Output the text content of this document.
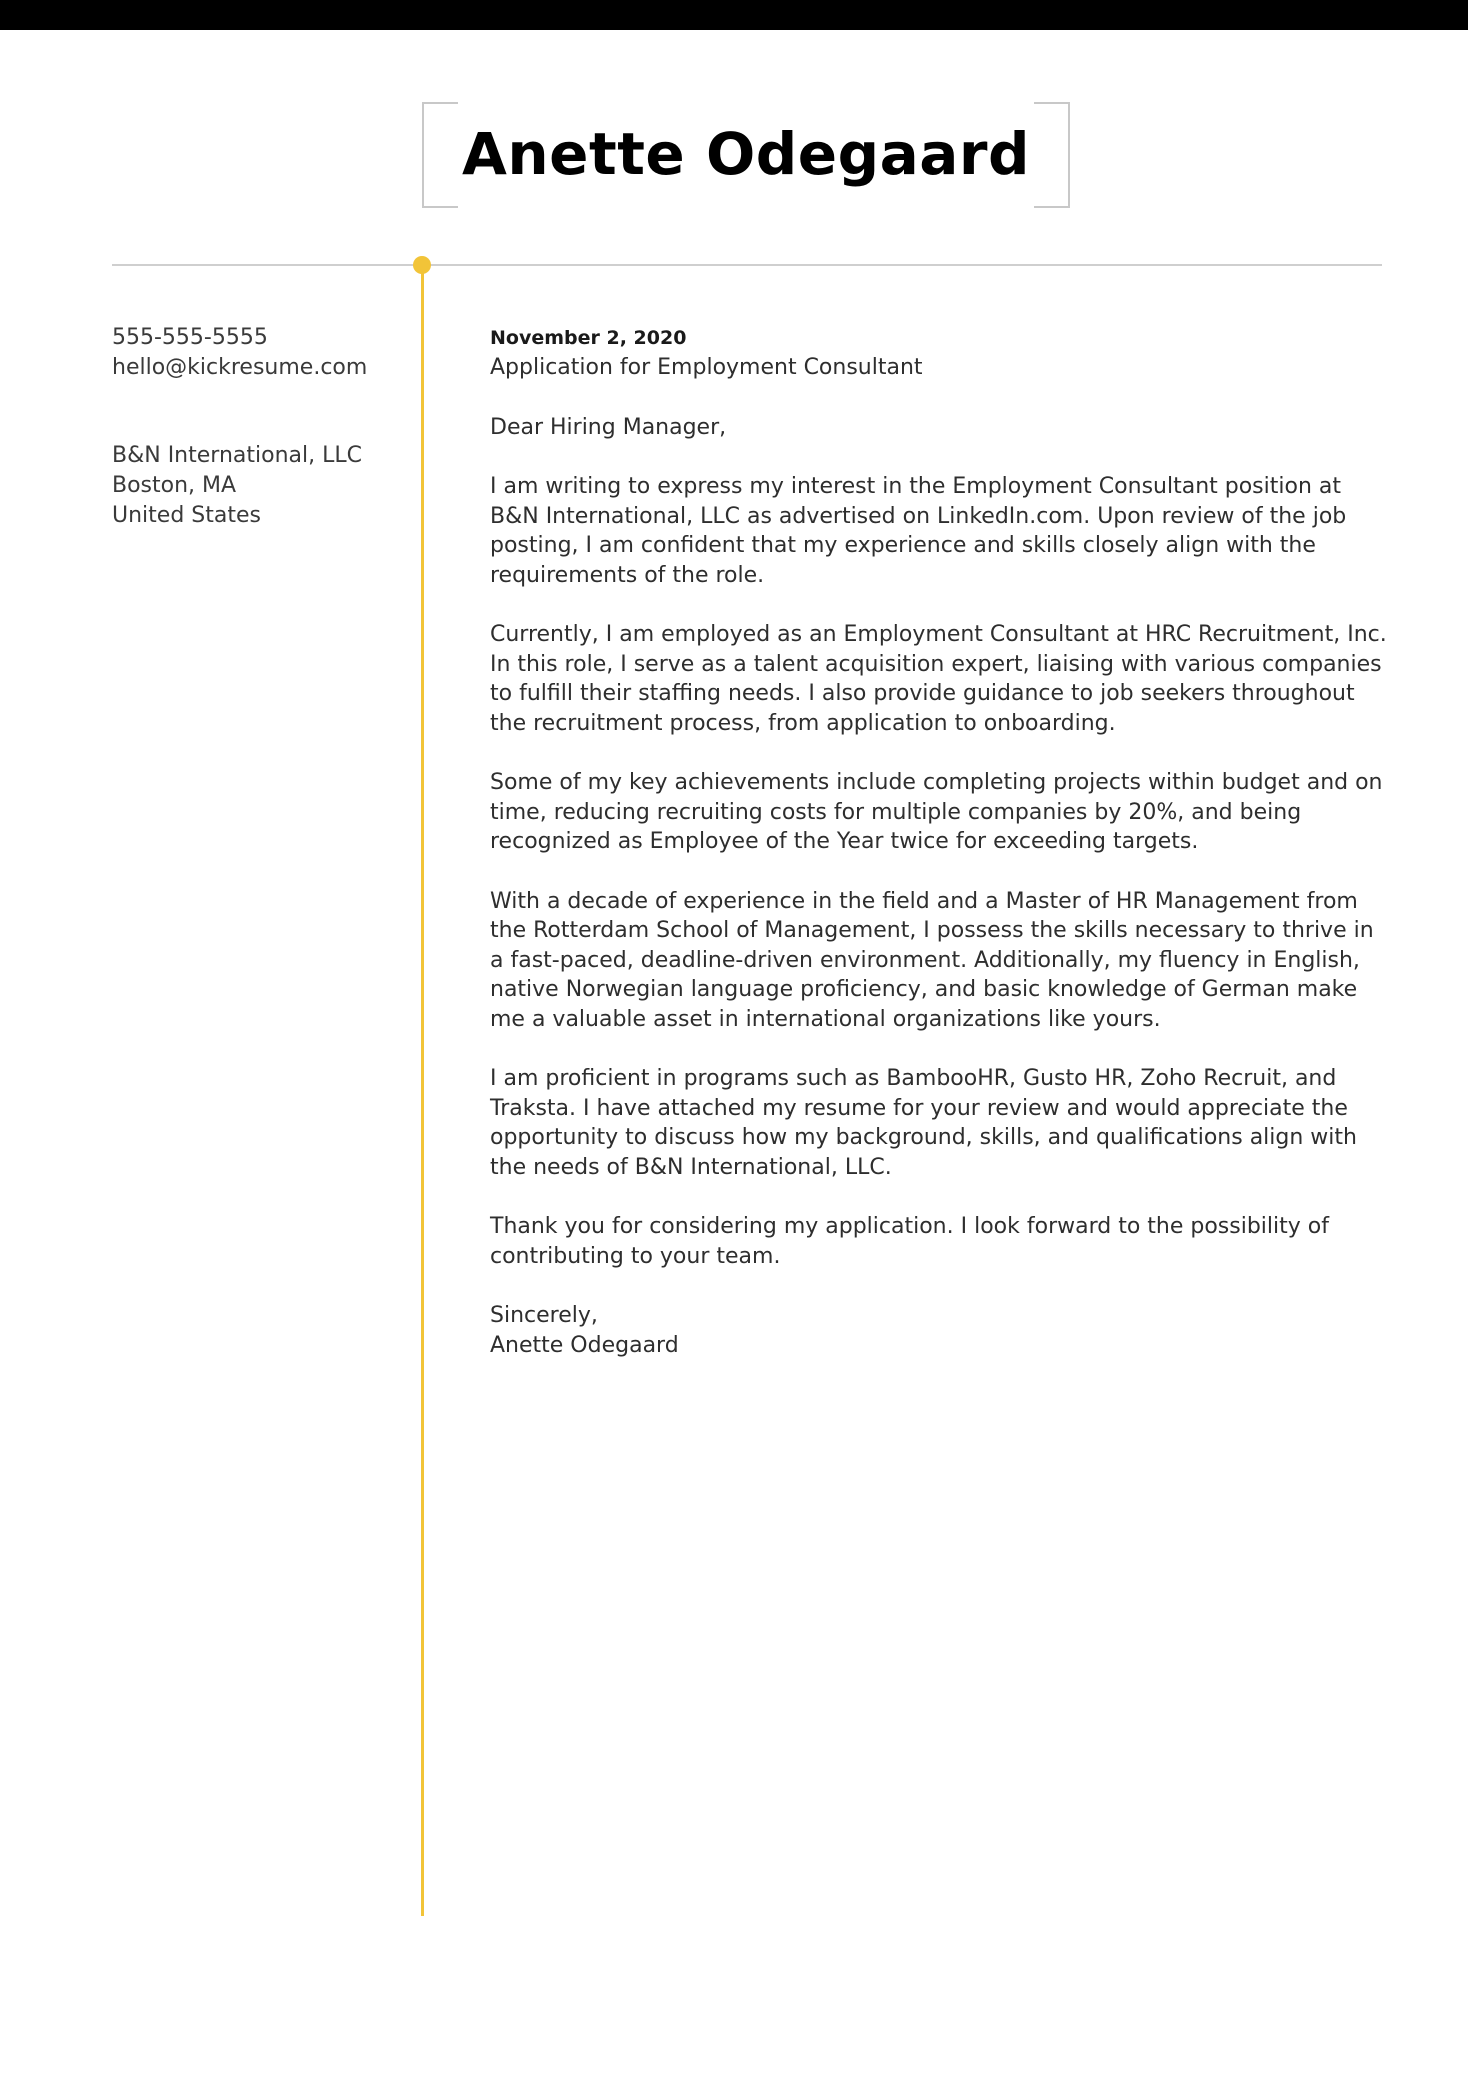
Anette Odegaard
555-555-5555
hello@kickresume.com
B&N International, LLC
Boston, MA
United States
November 2, 2020
Application for Employment Consultant

Dear Hiring Manager,

I am writing to express my interest in the Employment Consultant position at B&N International, LLC as advertised on LinkedIn.com. Upon review of the job posting, I am confident that my experience and skills closely align with the requirements of the role.

Currently, I am employed as an Employment Consultant at HRC Recruitment, Inc. In this role, I serve as a talent acquisition expert, liaising with various companies to fulfill their staffing needs. I also provide guidance to job seekers throughout the recruitment process, from application to onboarding.

Some of my key achievements include completing projects within budget and on time, reducing recruiting costs for multiple companies by 20%, and being recognized as Employee of the Year twice for exceeding targets.

With a decade of experience in the field and a Master of HR Management from the Rotterdam School of Management, I possess the skills necessary to thrive in a fast-paced, deadline-driven environment. Additionally, my fluency in English, native Norwegian language proficiency, and basic knowledge of German make me a valuable asset in international organizations like yours.

I am proficient in programs such as BambooHR, Gusto HR, Zoho Recruit, and Traksta. I have attached my resume for your review and would appreciate the opportunity to discuss how my background, skills, and qualifications align with the needs of B&N International, LLC.

Thank you for considering my application. I look forward to the possibility of contributing to your team.

Sincerely,
Anette Odegaard
